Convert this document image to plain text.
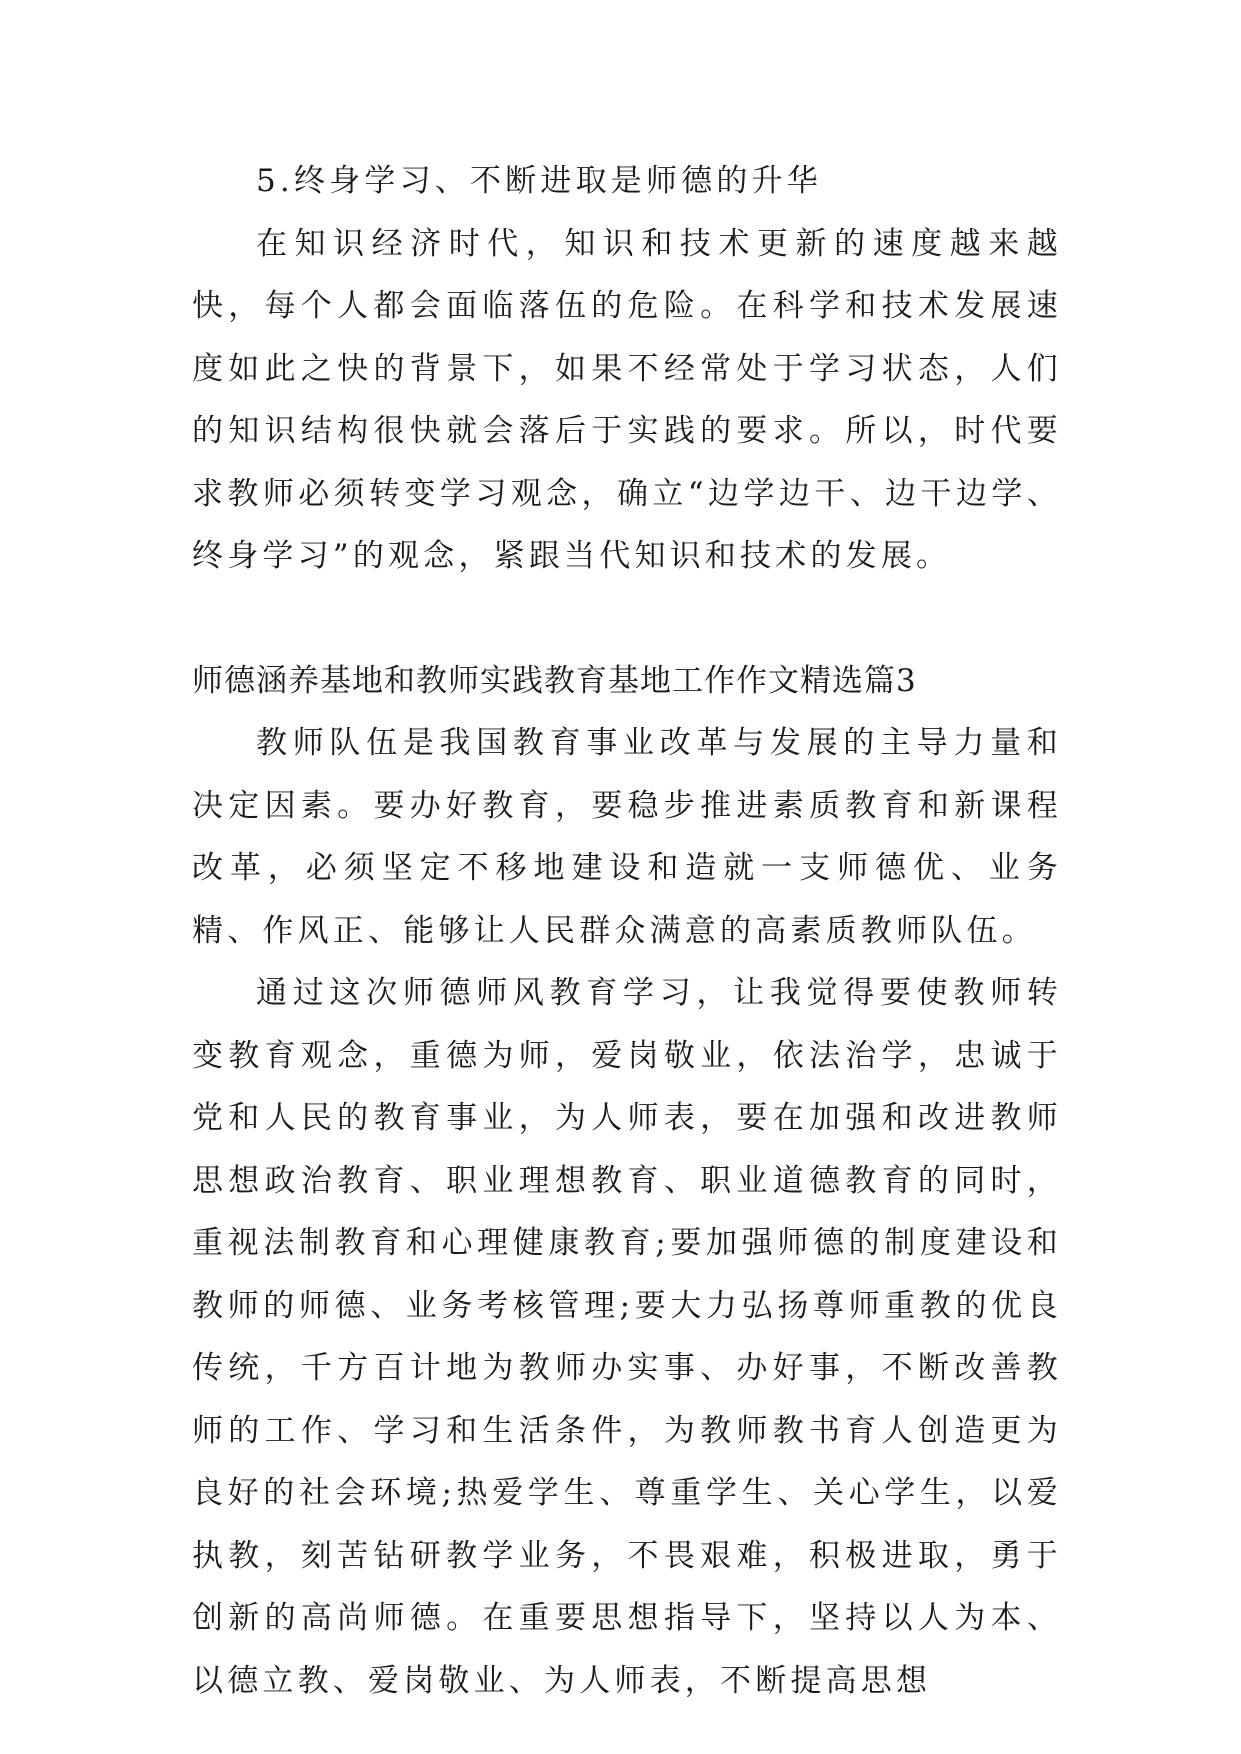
5.终身学习、不断进取是师德的升华

在知识经济时代，知识和技术更新的速度越来越快，每个人都会面临落伍的危险。在科学和技术发展速度如此之快的背景下，如果不经常处于学习状态，人们的知识结构很快就会落后于实践的要求。所以，时代要求教师必须转变学习观念，确立“边学边干、边干边学、终身学习”的观念，紧跟当代知识和技术的发展。

师德涵养基地和教师实践教育基地工作作文精选篇3

教师队伍是我国教育事业改革与发展的主导力量和决定因素。要办好教育，要稳步推进素质教育和新课程改革，必须坚定不移地建设和造就一支师德优、业务精、作风正、能够让人民群众满意的高素质教师队伍。

通过这次师德师风教育学习，让我觉得要使教师转变教育观念，重德为师，爱岗敬业，依法治学，忠诚于党和人民的教育事业，为人师表，要在加强和改进教师思想政治教育、职业理想教育、职业道德教育的同时，重视法制教育和心理健康教育;要加强师德的制度建设和教师的师德、业务考核管理;要大力弘扬尊师重教的优良传统，千方百计地为教师办实事、办好事，不断改善教师的工作、学习和生活条件，为教师教书育人创造更为良好的社会环境;热爱学生、尊重学生、关心学生，以爱执教，刻苦钻研教学业务，不畏艰难，积极进取，勇于创新的高尚师德。在重要思想指导下，坚持以人为本、以德立教、爱岗敬业、为人师表，不断提高思想
